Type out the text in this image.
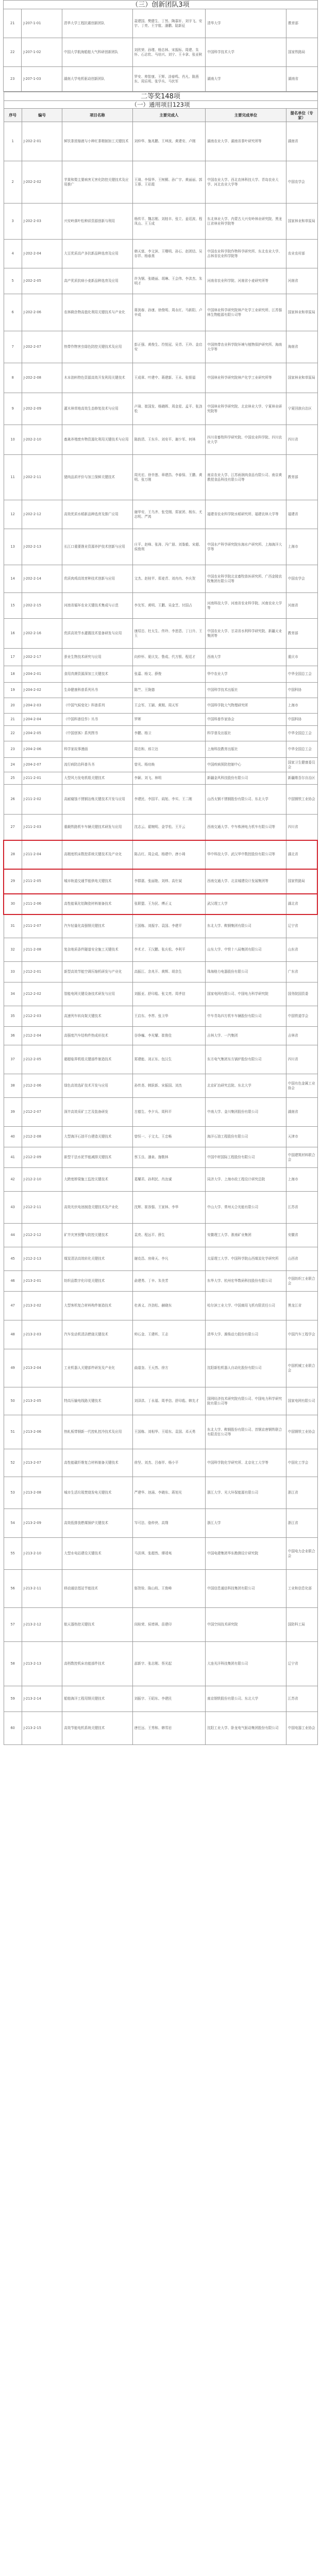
（三）创新团队3项					
21	J-207-1-01	清华大学工程抗震创新团队	聂建国、樊健生、丁然、陶慕轩、刘宇飞、安宇、丁亮、王宇航、潘鹏、陆新征	清华大学	教育部
22	J-207-1-02	中国大学航海船舶大气科研创新团队	刘欣荣、孙瑾、杨忠林、宋振标、周建、朱怀、石志钦、马培兴、刘宁、王卡拿、张亚秋	中国科学技术大学	国家铁路局
23	J-207-1-03	湖南大学电机驱动创新团队	罗安、帅智康、王辉、涂春鸣、肖凡、陈燕东、周乐明、张学兵、马伏军	湖南大学	湖南省
二等奖148项					
（一）通用项目123项					
序号	编号	项目名称	主要完成人	主要完成单位	提名单位（专家）
1	J-202-2-01	鲜饮茶浓缩液与小种红茶精制加工关键技术	刘仲华、施兆鹏、王坤波、黄建安、卢刚	湖南农业大学、湖南省茶叶研究所等	湖南省
2	J-202-2-02	苹果和梨主要病害无害化防控关键技术及应用推广	王琦、李保华、王树桐、孙广宇、黄丽丽、郭玉蓉、王彩霞	中国农业大学、西北农林科技大学、青岛农业大学、河北农业大学等	中国农学会
3	J-202-2-03	兴安岭落叶松种质资源创新与利用	杨传平、魏志刚、刘桂丰、张立、姜廷波、程凤山、王玉成	东北林业大学、内蒙古大兴安岭林业研究院、黑龙江省林业科学院等	国家林业和草原局
4	J-202-2-04	大豆优质高产多抗新品种选育及应用	韩天富、李文滨、王曙明、孙石、赵团结、吴存祥、杨春燕	中国农业科学院作物科学研究所、东北农业大学、吉林省农业科学院等	农业农村部
5	J-202-2-05	高产优质抗病小麦新品种选育及应用	许为钢、张晓丽、胡琳、王会伟、李洪杰、朱明才	河南省农业科学院、河南省小麦研究所等	河南省
6	J-202-2-06	农林剩余物高值化利用关键技术与产业化	蒋剑春、孙康、徐俊明、周永红、马新阳、卢辛成	中国林业科学研究院林产化学工业研究所、江苏强林生物能源有限公司等	国家林业和草原局
7	J-202-2-07	热带作物害虫绿色防控关键技术及应用	彭正强、黄俊生、符悦冠、吴青、王玲、金启安	中国热带农业科学院环境与植物保护研究所、海南大学等	海南省
8	J-202-2-08	木本油料特色资源高效开发利用关键技术	王成章、叶建中、蒋建新、王永、张银福	中国林业科学研究院林产化学工业研究所等	国家林业和草原局
9	J-202-2-09	灌木林草地高效生态修复技术与应用	卢琦、崔国发、杨晓晖、周金星、孟平、张劲松	中国林业科学研究院、北京林业大学、宁夏林业研究院等	宁夏回族自治区
10	J-202-2-10	畜禽养殖废弃物资源化利用关键技术与应用	陈韵清、王东升、刘安平、谢少军、何林	四川省畜牧科学研究院、中国农业科学院、四川农业大学	四川省
11	J-202-2-11	猪肉品质评价与加工保鲜关键技术	周光宏、徐幸莲、章建浩、李春保、王鹏、黄明、张万刚	南京农业大学、江苏雨润肉食品有限公司、南京黄教授食品科技有限公司等	教育部
12	J-202-2-12	高效优质水稻新品种选育及推广应用	谢华安、王乌齐、张受刚、郑家团、杨东、尤志明、严鸿	福建省农业科学院水稻研究所、福建农林大学等	福建省
13	J-202-2-13	长江口重要渔业资源养护技术创新与应用	庄平、赵峰、张涛、冯广朋、刘鉴毅、宋超、侯俊利	中国水产科学研究院东海水产研究所、上海海洋大学等	上海市
14	J-202-2-14	优质肉鸡高效育种技术创新与应用	文杰、赵桂苹、郑麦青、刘冉冉、李庆贺	中国农业科学院北京畜牧兽医研究所、广西金陵农牧集团有限公司等	中国农学会
15	J-202-2-15	河南省循环农业关键技术集成与示范	李友军、黄明、王鹏、吴金芝、付国占	河南科技大学、河南省农业科学院、河南农业大学等	河南省
16	J-202-2-16	优质高效节水灌溉技术装备研发与应用	康绍忠、杜太生、佟玲、李思恩、丁日升、王玉	中国农业大学、甘肃省水利科学研究院、新疆天业集团等	教育部
17	J-202-2-17	蚕业生物技术研究与应用	向仲怀、夏庆友、鲁成、代方银、程廷才	西南大学	重庆市
18	J-204-2-01	食用真菌资源深加工关键技术	张嘉、杨文、薛俊	华中农业大学	中华全国总工会
19	J-204-2-02	生命健康科普系列丛书	陈竺、王陇德	中国科学技术出版社	中国科协
20	J-204-2-03	《中国气候变化》科普系列	王会军、王颖、黄刚、周天军	中国科学院大气物理研究所	上海市
21	J-204-2-04	《中国科普佳作》丛书	罗晖	中国科普作家协会	中国科协
22	J-204-2-05	《中国创客》系列图书	李鹏、杨卫	科学普及出版社	中华全国总工会
23	J-204-2-06	科学家故事漫画	周忠和、邢立达	上海科技教育出版社	中华全国总工会
24	J-204-2-07	流行病防治科普丛书	曾光、杨功焕	中国疾病预防控制中心	国家卫生健康委员会
25	J-211-2-01	大型风力发电机组关键技术	李颖、刘飞、林明	新疆金风科技股份有限公司	新疆维吾尔自治区
26	J-211-2-02	高耐腐蚀不锈钢冶炼关键技术开发与应用	李建民、李国平、阎旭、李实、王二刚	山西太钢不锈钢股份有限公司、东北大学	中国钢铁工业协会
27	J-211-2-03	重载铁路机车车辆关键技术研发与应用	沈志云、翟婉明、金学松、王开云	西南交通大学、中车株洲电力机车有限公司等	四川省
28	J-211-2-04	高精度机床数控系统关键技术及产业化	陈吉红、周会成、杨建中、唐小琦	华中科技大学、武汉华中数控股份有限公司等	湖北省
29	J-211-2-05	城市轨道交通节能供电关键技术	李群湛、张丽艳、刘炜、高仕斌	西南交通大学、北京城建设计发展集团等	国家铁路局
30	J-211-2-06	高性能氧化铝陶瓷材料制备技术	张联盟、王为民、傅正义	武汉理工大学	湖北省
31	J-211-2-07	汽车轻量化高强钢关键技术	王国栋、刘振宇、袁国、李建平	东北大学、鞍钢集团有限公司	辽宁省
32	J-211-2-08	复杂地质条件隧道安全施工关键技术	李术才、王汉鹏、张庆松、李利平	山东大学、中铁十八局集团有限公司	山东省
33	J-212-2-01	新型高效节能空调压缩机研发与产业化	高振江、余兆开、黄辉、胡余生	珠海格力电器股份有限公司	广东省
34	J-212-2-02	智能电网关键设备技术研发与应用	刘振亚、舒印彪、张文亮、周孝信	国家电网有限公司、中国电力科学研究院	国务院国资委
35	J-212-2-03	高速列车转向架关键技术	王启东、李芾、张卫华	中车青岛四方机车车辆股份有限公司	中国铁道学会
36	J-212-2-04	高强度汽车结构件热成形技术	谷诤巍、李光耀、崔俊佳	吉林大学、一汽集团	吉林省
37	J-212-2-05	超超临界机组关键部件制造技术	郑建能、刘正东、包汉生	东方电气集团东方锅炉股份有限公司	四川省
38	J-212-2-06	绿色高效选矿技术开发与应用	孙传尧、韩跃新、宋振国、刘杰	北京矿冶研究总院、东北大学	中国有色金属工业协会
39	J-212-2-07	深井高效采矿工艺及装备研发	古德生、李夕兵、周科平	中南大学、金川集团股份有限公司	湖南省
40	J-212-2-08	大型海洋石油平台建造关键技术	曾恒一、于文太、王忠畅	海洋石油工程股份有限公司	天津市
41	J-212-2-09	新型干法水泥节能减排关键技术	蔡玉良、潘泉、施敬林	中国中材国际工程股份有限公司	中国建筑材料联合会
42	J-212-2-10	大跨度桥梁施工监控关键技术	葛耀君、孙利民、肖汝诚	同济大学、上海市政工程设计研究总院	上海市
43	J-212-2-11	高效光伏电池制造关键技术及产业化	沈辉、崔容强、王家林、李华	中山大学、常州天合光能有限公司	江苏省
44	J-212-2-12	矿井灾害预警与防控关键技术	袁亮、程远平、薛生	安徽理工大学、淮南矿业集团	安徽省
45	J-212-2-13	煤炭清洁高效转化关键技术	谢克昌、房倚天、李凡	太原理工大学、中国科学院山西煤炭化学研究所	山西省
46	J-213-2-01	纺织品数字化印花关键技术	俞建勇、丁辛、朱美芳	东华大学、杭州宏华数码科技股份有限公司	中国纺织工业联合会
47	J-213-2-02	大型客机复合材料构件制造技术	杜善义、冷劲松、赫晓东	哈尔滨工业大学、中国商用飞机有限责任公司	黑龙江省
48	J-213-2-03	汽车发动机清洁燃烧关键技术	帅石金、王建昕、王志	清华大学、潍柴动力股份有限公司	中国汽车工程学会
49	J-213-2-04	工业机器人关键部件研发及产业化	曲道奎、王天然、徐方	沈阳新松机器人自动化股份有限公司	中国机械工业联合会
50	J-213-2-05	特高压输电线路关键技术	刘泽洪、丁永福、周孝信、舒印彪、韩先才	国网经济技术研究院有限公司、中国电力科学研究院有限公司等	国家电网有限公司
51	J-213-2-06	热轧板带钢新一代控轧控冷技术及应用	王国栋、刘相华、王昭东、袁国、邓天勇	东北大学、鞍钢股份有限公司、首钢京唐钢铁联合有限责任公司等	中国钢铁工业协会
52	J-213-2-07	高性能碳纤维复合材料制备关键技术	徐坚、刘杰、吕春祥、杨小平	中国科学院化学研究所、北京化工大学等	中国化工学会
53	J-213-2-08	城市生活垃圾焚烧发电关键技术	严建华、池涌、李晓东、蒋旭光	浙江大学、光大环保能源有限公司	浙江省
54	J-213-2-09	高效低排放燃煤锅炉关键技术	岑可法、骆仲泱、高翔	浙江大学	浙江省
55	J-213-2-10	大型水电站建设关键技术	马洪琪、张超然、谭靖夷	中国电建集团华东勘测设计研究院	中国电力企业联合会
56	J-213-2-11	移动通信基站节能技术	邬贺铨、陈山枝、王俊峰	中国信息通信科技集团有限公司	工业和信息化部
57	J-213-2-12	航天器热控关键技术	闵桂荣、侯增祺、苗建印	中国空间技术研究院	国防科工局
58	J-213-2-13	高档数控机床功能部件技术	邵新宇、张志刚、蔡光起	大连光洋科技集团有限公司	辽宁省
59	J-213-2-14	船舶海洋工程用钢关键技术	刘振宇、王昭东、李建民	南京钢铁股份有限公司、东北大学	江苏省
60	J-213-2-15	高效节能电机系统关键技术	唐任远、王秀和、韩雪岩	沈阳工业大学、卧龙电气驱动集团股份有限公司	中国电器工业协会
